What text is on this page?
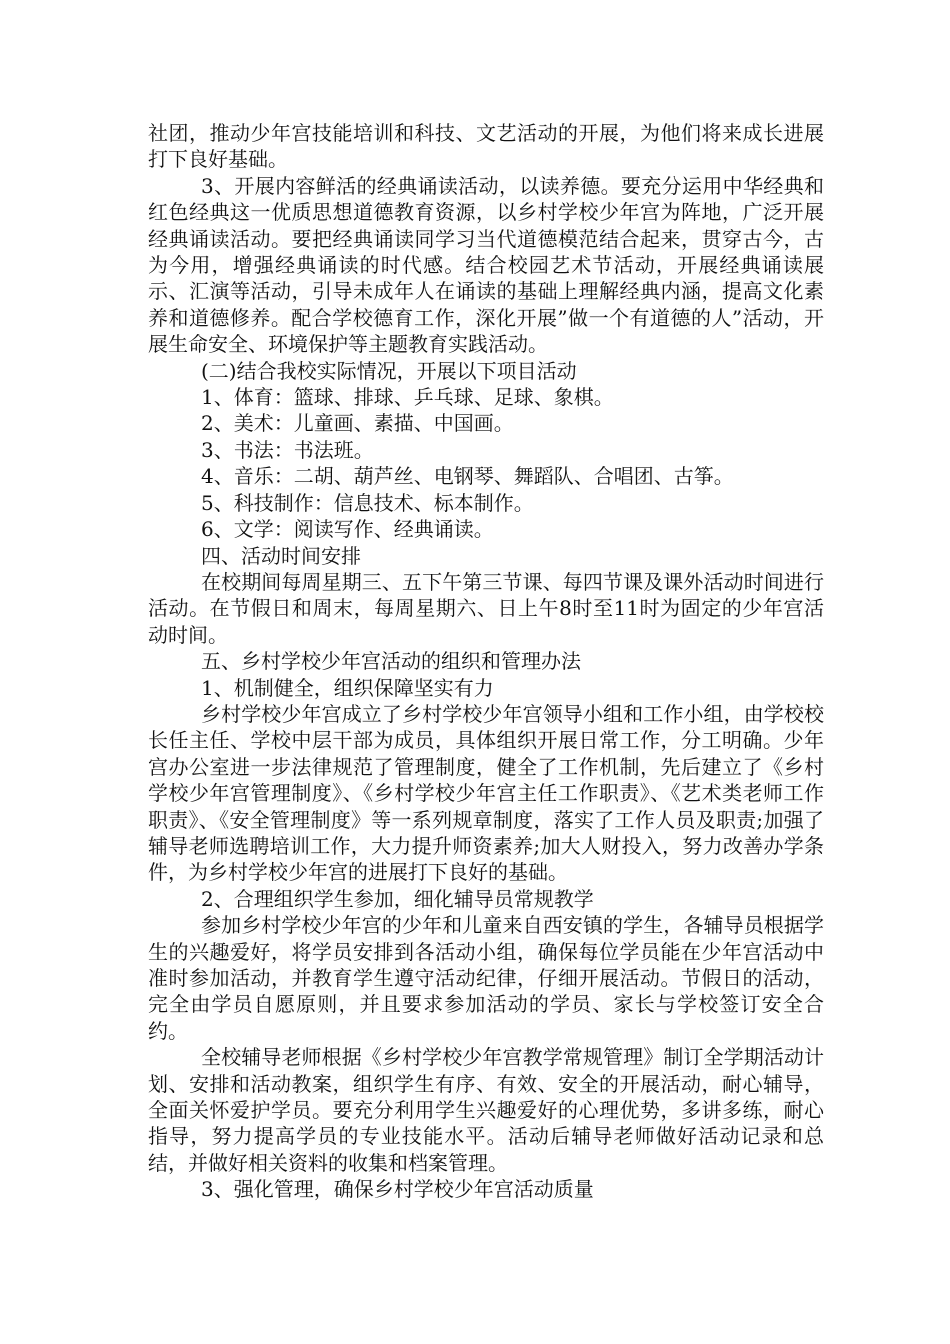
社团，推动少年宫技能培训和科技、文艺活动的开展，为他们将来成长进展打下良好基础。

3、开展内容鲜活的经典诵读活动，以读养德。要充分运用中华经典和红色经典这一优质思想道德教育资源，以乡村学校少年宫为阵地，广泛开展经典诵读活动。要把经典诵读同学习当代道德模范结合起来，贯穿古今，古为今用，增强经典诵读的时代感。结合校园艺术节活动，开展经典诵读展示、汇演等活动，引导未成年人在诵读的基础上理解经典内涵，提高文化素养和道德修养。配合学校德育工作，深化开展”做一个有道德的人”活动，开展生命安全、环境保护等主题教育实践活动。

(二)结合我校实际情况，开展以下项目活动

1、体育：篮球、排球、乒乓球、足球、象棋。

2、美术：儿童画、素描、中国画。

3、书法：书法班。

4、音乐：二胡、葫芦丝、电钢琴、舞蹈队、合唱团、古筝。

5、科技制作：信息技术、标本制作。

6、文学：阅读写作、经典诵读。

四、活动时间安排

在校期间每周星期三、五下午第三节课、每四节课及课外活动时间进行活动。在节假日和周末，每周星期六、日上午8时至11时为固定的少年宫活动时间。

五、乡村学校少年宫活动的组织和管理办法

1、机制健全，组织保障坚实有力

乡村学校少年宫成立了乡村学校少年宫领导小组和工作小组，由学校校长任主任、学校中层干部为成员，具体组织开展日常工作，分工明确。少年宫办公室进一步法律规范了管理制度，健全了工作机制，先后建立了《乡村学校少年宫管理制度》、《乡村学校少年宫主任工作职责》、《艺术类老师工作职责》、《安全管理制度》等一系列规章制度，落实了工作人员及职责;加强了辅导老师选聘培训工作，大力提升师资素养;加大人财投入，努力改善办学条件，为乡村学校少年宫的进展打下良好的基础。

2、合理组织学生参加，细化辅导员常规教学

参加乡村学校少年宫的少年和儿童来自西安镇的学生，各辅导员根据学生的兴趣爱好，将学员安排到各活动小组，确保每位学员能在少年宫活动中准时参加活动，并教育学生遵守活动纪律，仔细开展活动。节假日的活动，完全由学员自愿原则，并且要求参加活动的学员、家长与学校签订安全合约。

全校辅导老师根据《乡村学校少年宫教学常规管理》制订全学期活动计划、安排和活动教案，组织学生有序、有效、安全的开展活动，耐心辅导，全面关怀爱护学员。要充分利用学生兴趣爱好的心理优势，多讲多练，耐心指导，努力提高学员的专业技能水平。活动后辅导老师做好活动记录和总结，并做好相关资料的收集和档案管理。

3、强化管理，确保乡村学校少年宫活动质量
